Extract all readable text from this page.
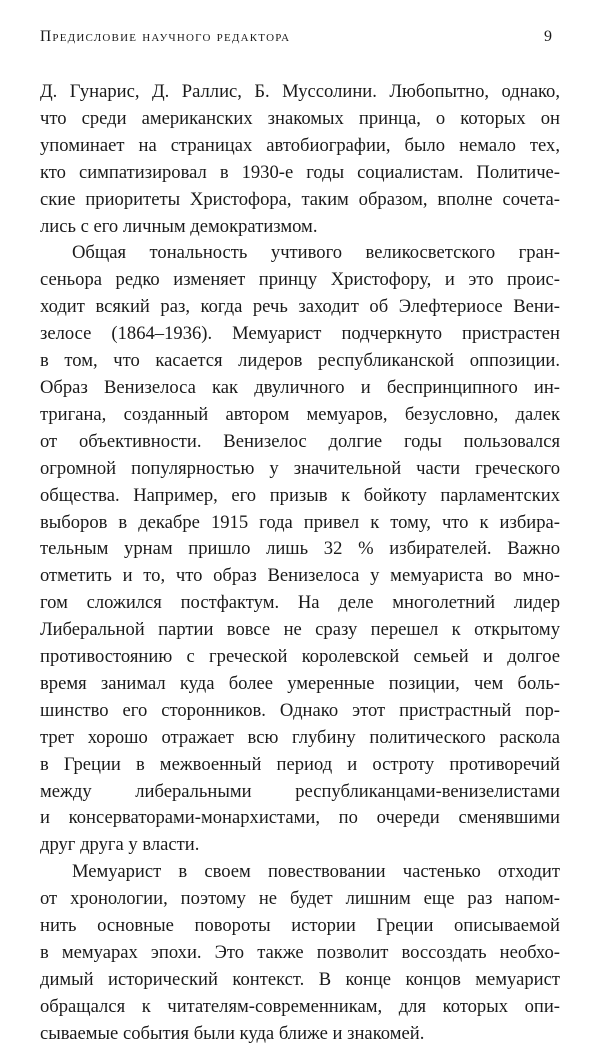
Предисловие научного редактора	9

Д. Гунарис, Д. Раллис, Б. Муссолини. Любопытно, однако,
что среди американских знакомых принца, о которых он
упоминает на страницах автобиографии, было немало тех,
кто симпатизировал в 1930-е годы социалистам. Политиче-
ские приоритеты Христофора, таким образом, вполне сочета-
лись с его личным демократизмом.

Общая тональность учтивого великосветского гран-
сеньора редко изменяет принцу Христофору, и это проис-
ходит всякий раз, когда речь заходит об Элефтериосе Вени-
зелосе (1864–1936). Мемуарист подчеркнуто пристрастен
в том, что касается лидеров республиканской оппозиции.
Образ Венизелоса как двуличного и беспринципного ин-
тригана, созданный автором мемуаров, безусловно, далек
от объективности. Венизелос долгие годы пользовался
огромной популярностью у значительной части греческого
общества. Например, его призыв к бойкоту парламентских
выборов в декабре 1915 года привел к тому, что к избира-
тельным урнам пришло лишь 32 % избирателей. Важно
отметить и то, что образ Венизелоса у мемуариста во мно-
гом сложился постфактум. На деле многолетний лидер
Либеральной партии вовсе не сразу перешел к открытому
противостоянию с греческой королевской семьей и долгое
время занимал куда более умеренные позиции, чем боль-
шинство его сторонников. Однако этот пристрастный пор-
трет хорошо отражает всю глубину политического раскола
в Греции в межвоенный период и остроту противоречий
между либеральными республиканцами-венизелистами
и консерваторами-монархистами, по очереди сменявшими
друг друга у власти.

Мемуарист в своем повествовании частенько отходит
от хронологии, поэтому не будет лишним еще раз напом-
нить основные повороты истории Греции описываемой
в мемуарах эпохи. Это также позволит воссоздать необхо-
димый исторический контекст. В конце концов мемуарист
обращался к читателям-современникам, для которых опи-
сываемые события были куда ближе и знакомей.
